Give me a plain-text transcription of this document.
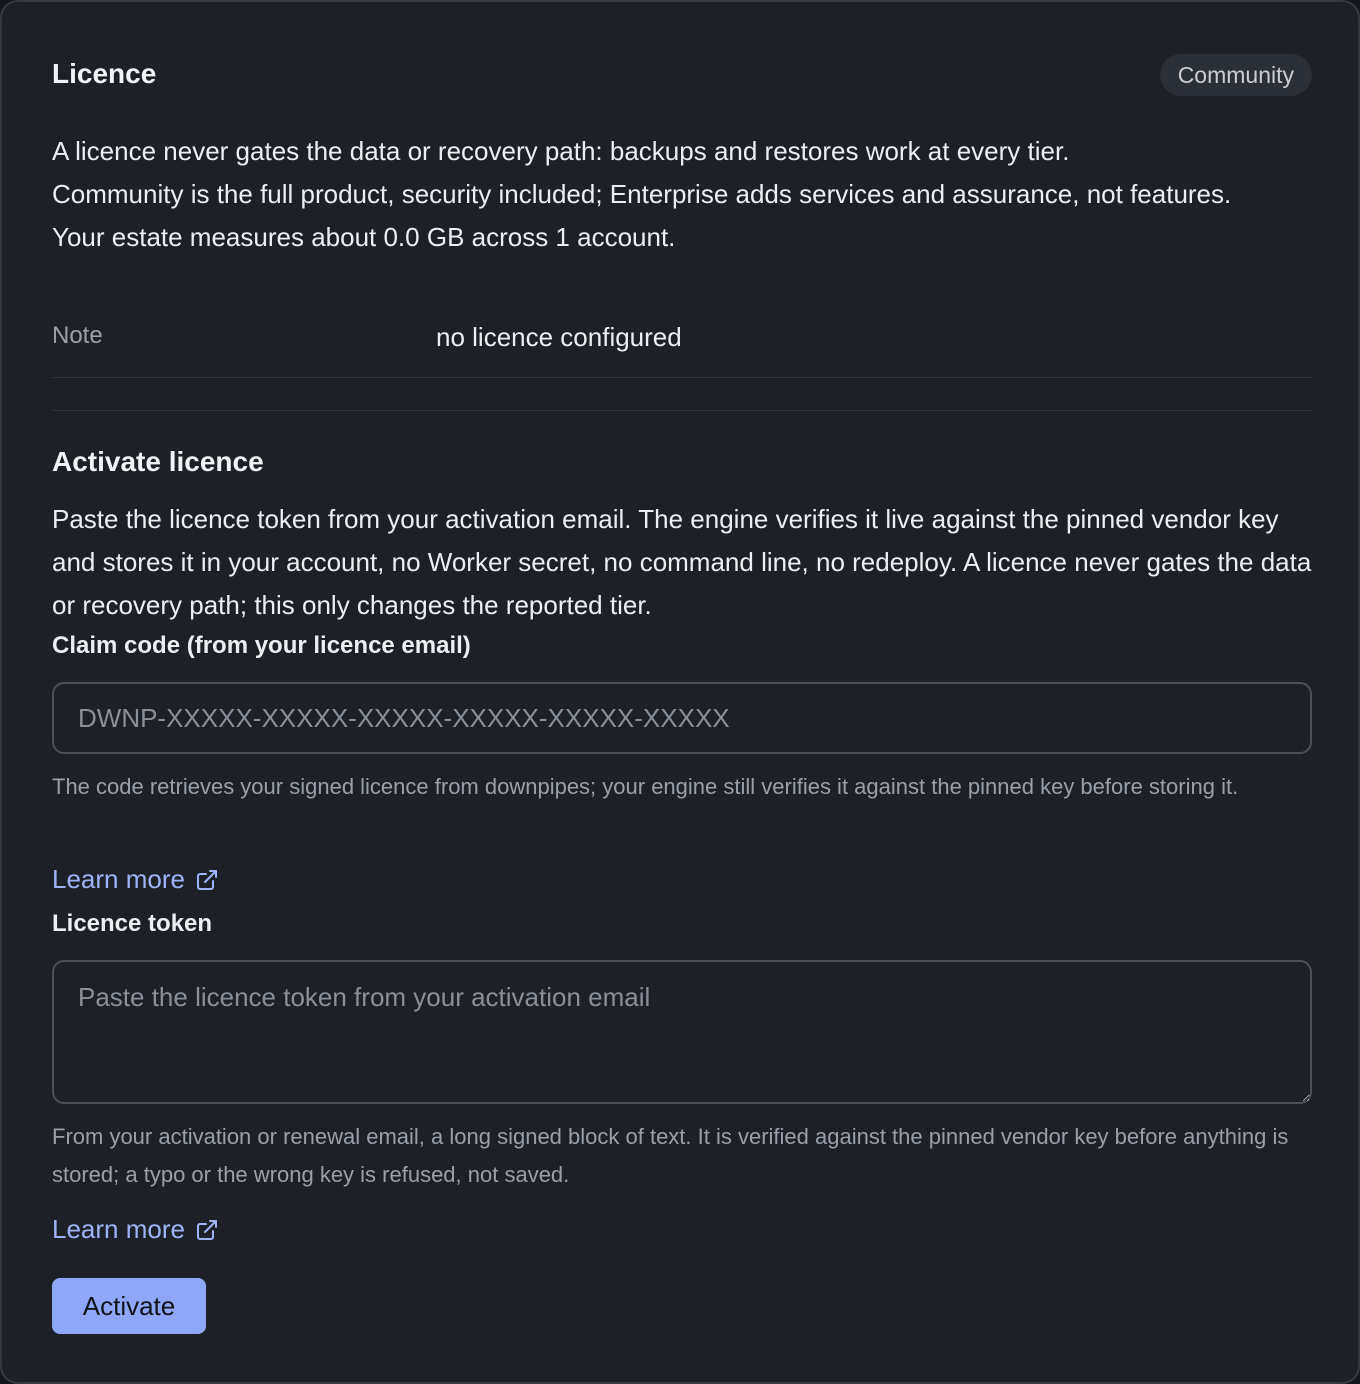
Licence	Community

A licence never gates the data or recovery path: backups and restores work at every tier.

Community is the full product, security included; Enterprise adds services and assurance, not features.

Your estate measures about 0.0 GB across 1 account.

Note	no licence configured
Activate licence
Paste the licence token from your activation email. The engine verifies it live against the pinned vendor key and stores it in your account, no Worker secret, no command line, no redeploy. A licence never gates the data or recovery path; this only changes the reported tier.
Claim code (from your licence email)
DWNP-XXXXX-XXXXX-XXXXX-XXXXX-XXXXX-XXXXX
The code retrieves your signed licence from downpipes; your engine still verifies it against the pinned key before storing it.
Learn more
Licence token
Paste the licence token from your activation email
From your activation or renewal email, a long signed block of text. It is verified against the pinned vendor key before anything is stored; a typo or the wrong key is refused, not saved.
Learn more
Activate
